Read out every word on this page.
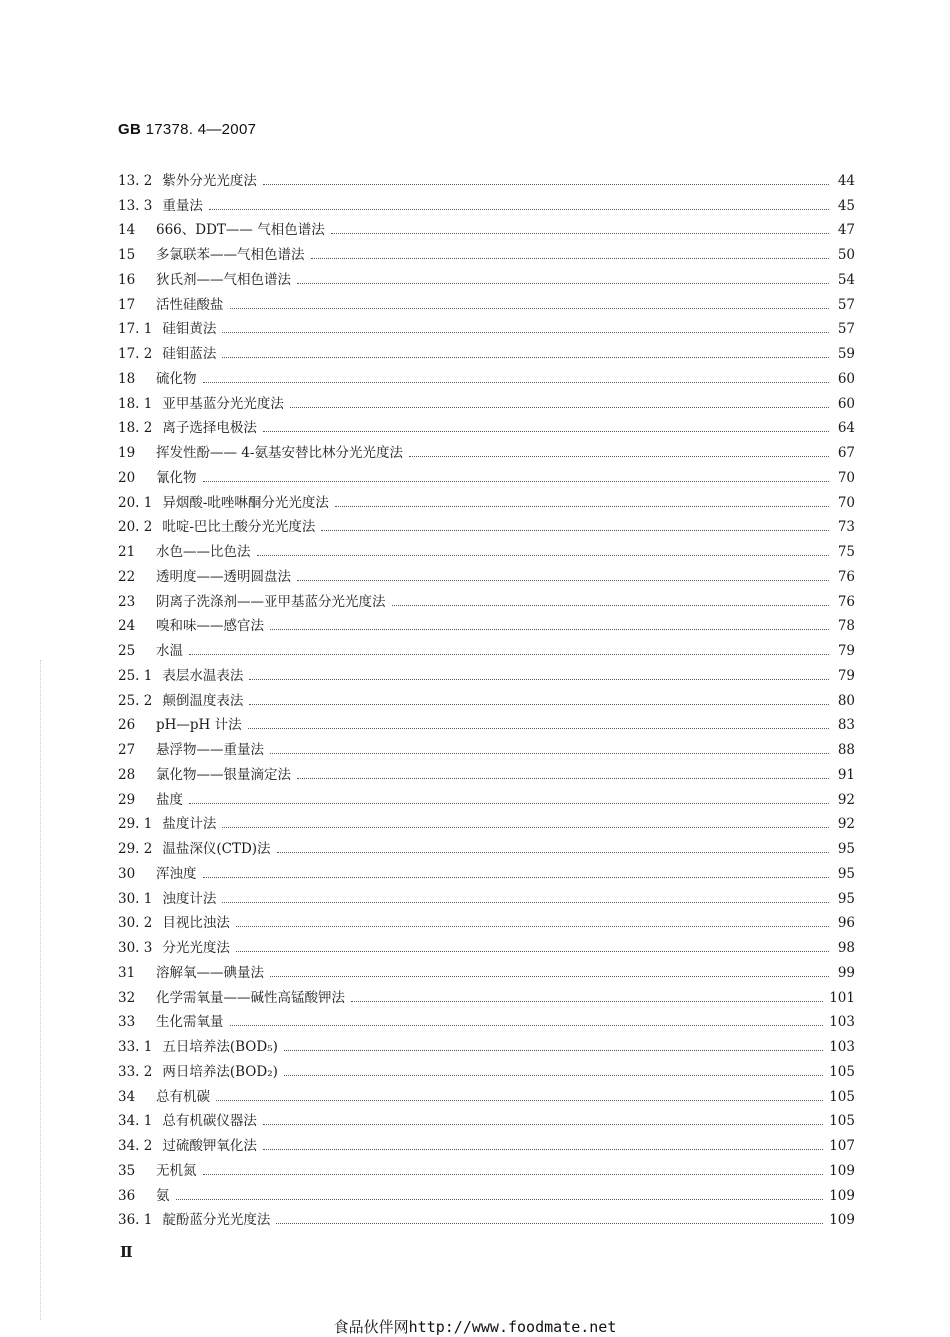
GB 17378. 4—2007
13. 2 紫外分光光度法	44
13. 3 重量法	45
14	666、DDT—— 气相色谱法	47
15	多氯联苯——气相色谱法	50
16	狄氏剂——气相色谱法	54
17	活性硅酸盐	57
17. 1 硅钼黄法	57
17. 2 硅钼蓝法	59
18	硫化物	60
18. 1 亚甲基蓝分光光度法	60
18. 2 离子选择电极法	64
19	挥发性酚—— 4-氨基安替比林分光光度法	67
20	氰化物	70
20. 1 异烟酸-吡唑啉酮分光光度法	70
20. 2 吡啶-巴比土酸分光光度法	73
21	水色——比色法	75
22	透明度——透明圆盘法	76
23	阴离子洗涤剂——亚甲基蓝分光光度法	76
24	嗅和味——感官法	78
25	水温	79
25. 1 表层水温表法	79
25. 2 颠倒温度表法	80
26	pH—pH 计法	83
27	悬浮物——重量法	88
28	氯化物——银量滴定法	91
29	盐度	92
29. 1 盐度计法	92
29. 2 温盐深仪(CTD)法	95
30	浑浊度	95
30. 1 浊度计法	95
30. 2 目视比浊法	96
30. 3 分光光度法	98
31	溶解氧——碘量法	99
32	化学需氧量——碱性高锰酸钾法	101
33	生化需氧量	103
33. 1 五日培养法(BOD₅)	103
33. 2 两日培养法(BOD₂)	105
34	总有机碳	105
34. 1 总有机碳仪器法	105
34. 2 过硫酸钾氧化法	107
35	无机氮	109
36	氨	109
36. 1 靛酚蓝分光光度法	109
Ⅱ
食品伙伴网http://www.foodmate.net
